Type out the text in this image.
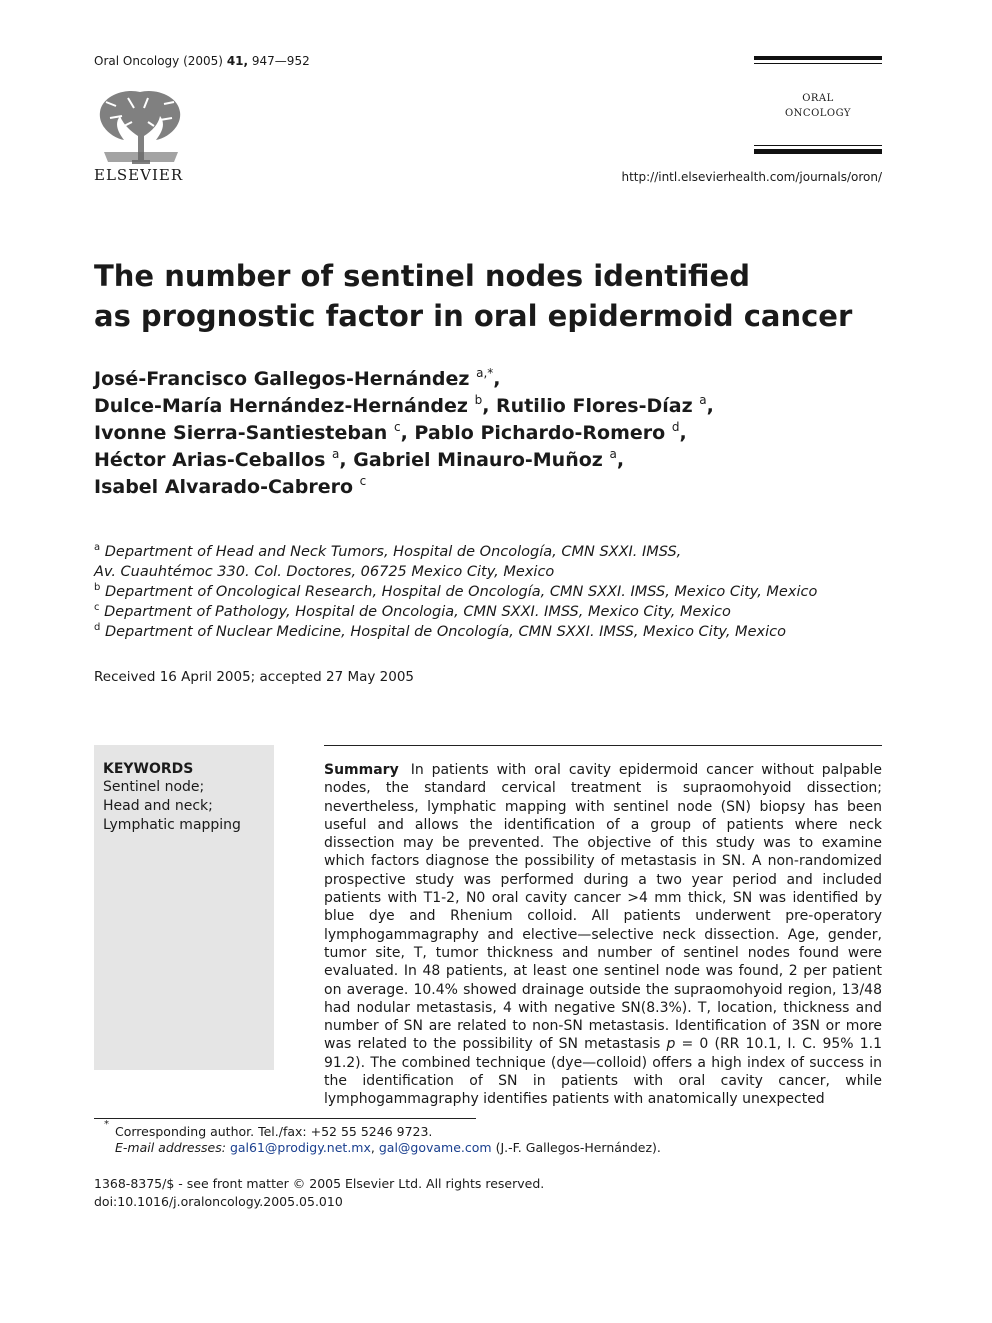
Oral Oncology (2005) 41, 947—952
ELSEVIER
ORAL
ONCOLOGY
http://intl.elsevierhealth.com/journals/oron/
The number of sentinel nodes identified
as prognostic factor in oral epidermoid cancer
José-Francisco Gallegos-Hernández $^{a,*}$,
Dulce-María Hernández-Hernández $^b$, Rutilio Flores-Díaz $^a$,
Ivonne Sierra-Santiesteban $^c$, Pablo Pichardo-Romero $^d$,
Héctor Arias-Ceballos $^a$, Gabriel Minauro-Muñoz $^a$,
Isabel Alvarado-Cabrero $^c$
$^a$ Department of Head and Neck Tumors, Hospital de Oncología, CMN SXXI. IMSS,
Av. Cuauhtémoc 330. Col. Doctores, 06725 Mexico City, Mexico
$^b$ Department of Oncological Research, Hospital de Oncología, CMN SXXI. IMSS, Mexico City, Mexico
$^c$ Department of Pathology, Hospital de Oncologia, CMN SXXI. IMSS, Mexico City, Mexico
$^d$ Department of Nuclear Medicine, Hospital de Oncología, CMN SXXI. IMSS, Mexico City, Mexico
Received 16 April 2005; accepted 27 May 2005
KEYWORDS
Sentinel node;
Head and neck;
Lymphatic mapping
Summary In patients with oral cavity epidermoid cancer without palpable nodes, the standard cervical treatment is supraomohyoid dissection; nevertheless, lymphatic mapping with sentinel node (SN) biopsy has been useful and allows the identification of a group of patients where neck dissection may be prevented. The objective of this study was to examine which factors diagnose the possibility of metastasis in SN. A non-randomized prospective study was performed during a two year period and included patients with T1-2, N0 oral cavity cancer >4 mm thick, SN was identified by blue dye and Rhenium colloid. All patients underwent pre-operatory lymphogammagraphy and elective—selective neck dissection. Age, gender, tumor site, T, tumor thickness and number of sentinel nodes found were evaluated. In 48 patients, at least one sentinel node was found, 2 per patient on average. 10.4% showed drainage outside the supraomohyoid region, 13/48 had nodular metastasis, 4 with negative SN(8.3%). T, location, thickness and number of SN are related to non-SN metastasis. Identification of 3SN or more was related to the possibility of SN metastasis p = 0 (RR 10.1, I. C. 95% 1.1 91.2). The combined technique (dye—colloid) offers a high index of success in the identification of SN in patients with oral cavity cancer, while lymphogammagraphy identifies patients with anatomically unexpected
* Corresponding author. Tel./fax: +52 55 5246 9723.
E-mail addresses: gal61@prodigy.net.mx, gal@govame.com (J.-F. Gallegos-Hernández).
1368-8375/$ - see front matter © 2005 Elsevier Ltd. All rights reserved.
doi:10.1016/j.oraloncology.2005.05.010
